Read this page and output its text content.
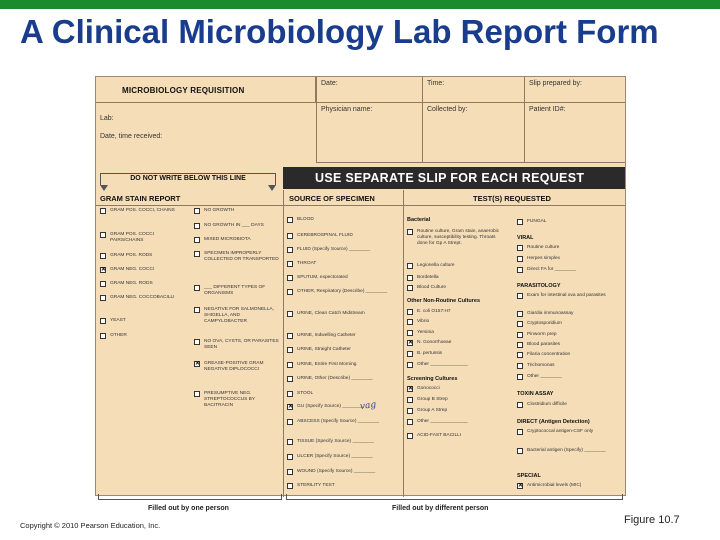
A Clinical Microbiology Lab Report Form
MICROBIOLOGY REQUISITION
Lab:
Date, time received:
Date:	Time:	Slip prepared by:
Physician name:	Collected by:	Patient ID#:
DO NOT WRITE BELOW THIS LINE	USE SEPARATE SLIP FOR EACH REQUEST
GRAM STAIN REPORT	SOURCE OF SPECIMEN	TEST(S) REQUESTED
vag
GRAM POS. COCCI, CHAINS
GRAM POS. COCCI PAIRS/CHAINS
GRAM POS. RODS
✕ GRAM NEG. COCCI
GRAM NEG. RODS
GRAM NEG. COCCOBACILLI
YEAST
OTHER
NO GROWTH
NO GROWTH IN ___ DAYS
MIXED MICROBIOTA
SPECIMEN IMPROPERLY COLLECTED OR TRANSPORTED
___ DIFFERENT TYPES OF ORGANISMS
NEGATIVE FOR SALMONELLA, SHIGELLA, AND CAMPYLOBACTER
NO OVA, CYSTS, OR PARASITES SEEN
✕ GREASE-POSITIVE GRAM NEGATIVE DIPLOCOCCI
PRESUMPTIVE NEG. STREPTOCOCCUS BY BACITRACIN
BLOOD
CEREBROSPINAL FLUID
FLUID (Specify Source) ________
THROAT
SPUTUM, expectorated
OTHER, Respiratory (Describe) ________
URINE, Clean Catch Midstream
URINE, Indwelling Catheter
URINE, Straight Catheter
URINE, Entire First Morning
URINE, Other (Describe) ________
STOOL
✕ GU (Specify Source) ________
ABSCESS (Specify Source) ________
TISSUE (Specify Source) ________
ULCER (Specify Source) ________
WOUND (Specify Source) ________
STERILITY TEST
Bacterial
Routine culture, Gram stain, anaerobic culture, susceptibility testing. Throats done for Gp A Strept.
Legionella culture
Bordetella
Blood Culture
Other Non-Routine Cultures
E. coli O157:H7
Vibrio
Yersinia
✕ N. Gonorrhoeae
B. pertussis
Other ______________
Screening Cultures
✕ Gonococci
Group B Strep
Group A Strep
Other ______________
ACID-FAST BACILLI
FUNGAL
VIRAL
Routine culture
Herpes simplex
Direct FA for ________
PARASITOLOGY
Exam for intestinal ova and parasites
Giardia immunoassay
Cryptosporidium
Pinworm prep
Blood parasites
Filaria concentration
Trichomonas
Other ________
TOXIN ASSAY
Clostridium difficile
DIRECT (Antigen Detection)
Cryptococcal antigen-CSF only
Bacterial antigen (Specify) ________
SPECIAL
✕ Antimicrobial levels (MIC)
Filled out by one person	Filled out by different person
Copyright © 2010 Pearson Education, Inc.	Figure 10.7
